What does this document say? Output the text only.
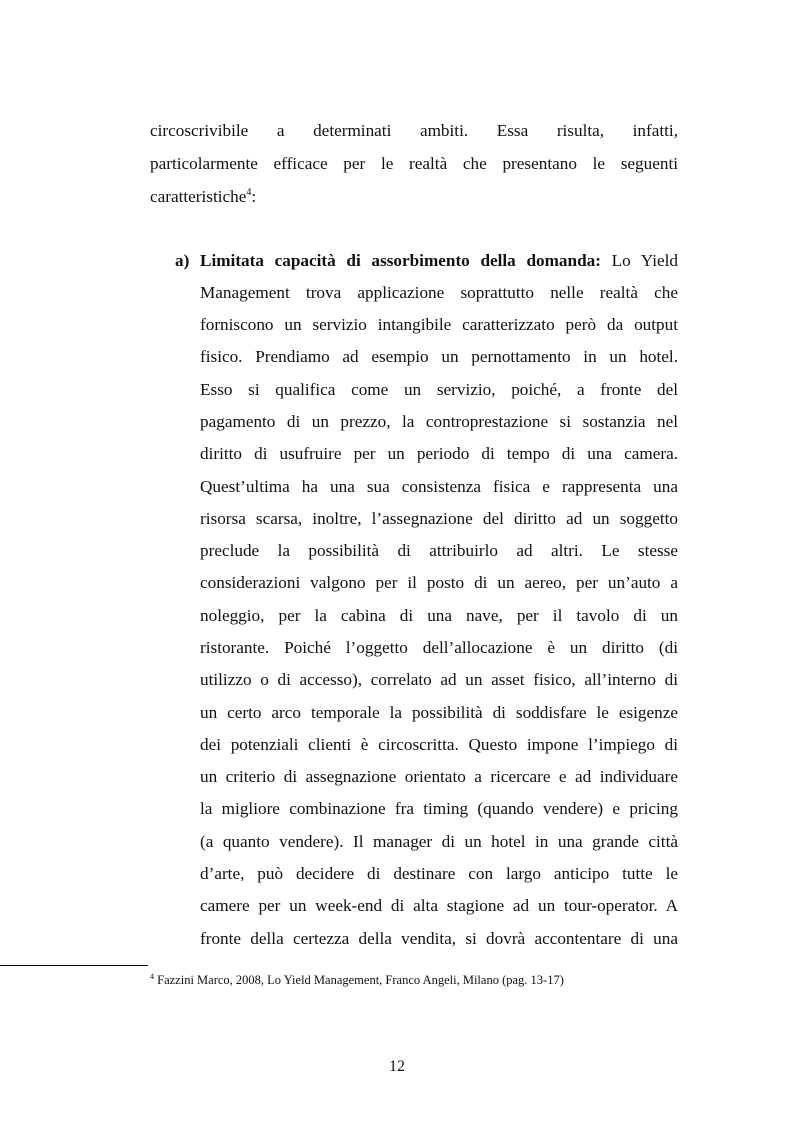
circoscrivibile a determinati ambiti. Essa risulta, infatti,
particolarmente efficace per le realtà che presentano le seguenti
caratteristiche$^4$:
a) Limitata capacità di assorbimento della domanda: Lo Yield
Management trova applicazione soprattutto nelle realtà che
forniscono un servizio intangibile caratterizzato però da output
fisico. Prendiamo ad esempio un pernottamento in un hotel.
Esso si qualifica come un servizio, poiché, a fronte del
pagamento di un prezzo, la controprestazione si sostanzia nel
diritto di usufruire per un periodo di tempo di una camera.
Quest’ultima ha una sua consistenza fisica e rappresenta una
risorsa scarsa, inoltre, l’assegnazione del diritto ad un soggetto
preclude la possibilità di attribuirlo ad altri. Le stesse
considerazioni valgono per il posto di un aereo, per un’auto a
noleggio, per la cabina di una nave, per il tavolo di un
ristorante. Poiché l’oggetto dell’allocazione è un diritto (di
utilizzo o di accesso), correlato ad un asset fisico, all’interno di
un certo arco temporale la possibilità di soddisfare le esigenze
dei potenziali clienti è circoscritta. Questo impone l’impiego di
un criterio di assegnazione orientato a ricercare e ad individuare
la migliore combinazione fra timing (quando vendere) e pricing
(a quanto vendere). Il manager di un hotel in una grande città
d’arte, può decidere di destinare con largo anticipo tutte le
camere per un week-end di alta stagione ad un tour-operator. A
fronte della certezza della vendita, si dovrà accontentare di una
$^4$ Fazzini Marco, 2008, Lo Yield Management, Franco Angeli, Milano (pag. 13-17)
12
